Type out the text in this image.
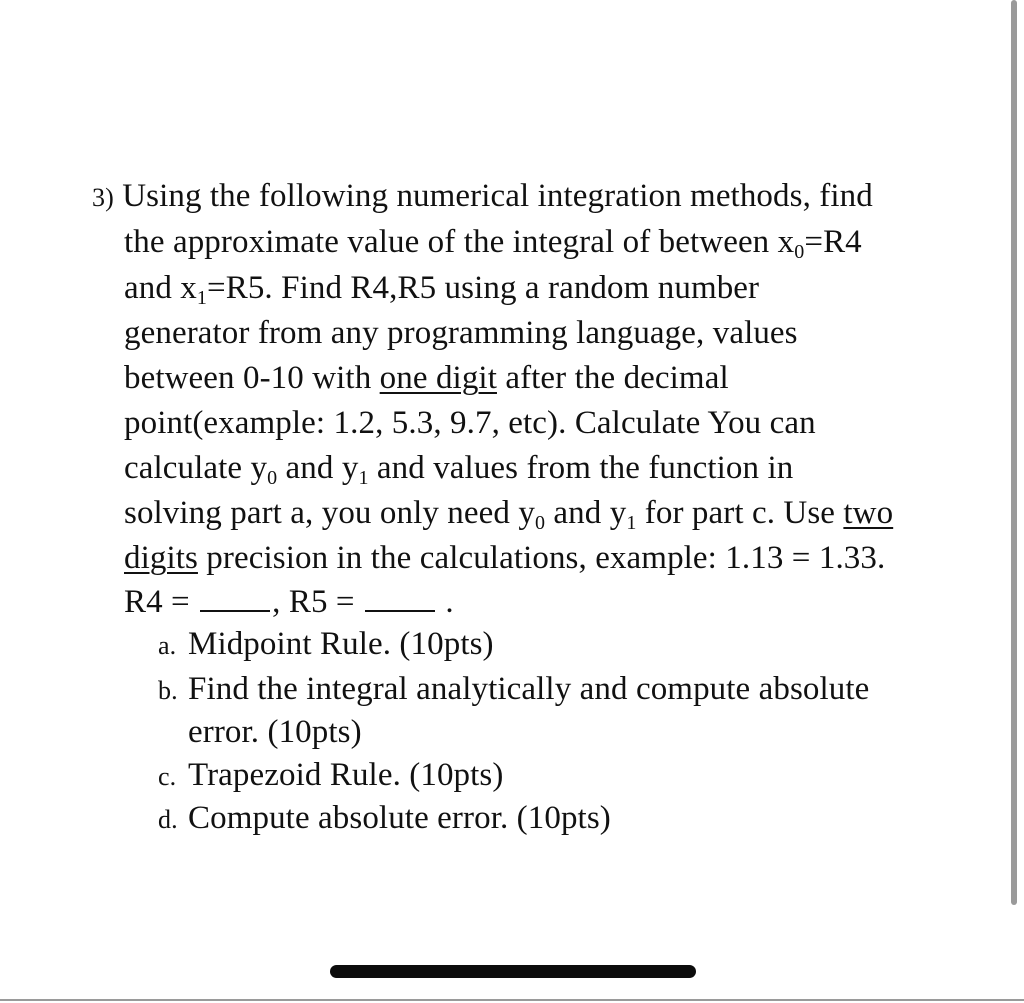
3) Using the following numerical integration methods, find
the approximate value of the integral of between $x_0=R4$
and $x_1=R5$. Find R4,R5 using a random number
generator from any programming language, values
between 0-10 with one digit after the decimal
point(example: 1.2, 5.3, 9.7, etc). Calculate You can
calculate $y_0$ and $y_1$ and values from the function in
solving part a, you only need $y_0$ and $y_1$ for part c. Use two
digits precision in the calculations, example: 1.13 = 1.33.
R4 = , R5 =	.
a. Midpoint Rule. (10pts)
b. Find the integral analytically and compute absolute
error. (10pts)
c. Trapezoid Rule. (10pts)
d. Compute absolute error. (10pts)
